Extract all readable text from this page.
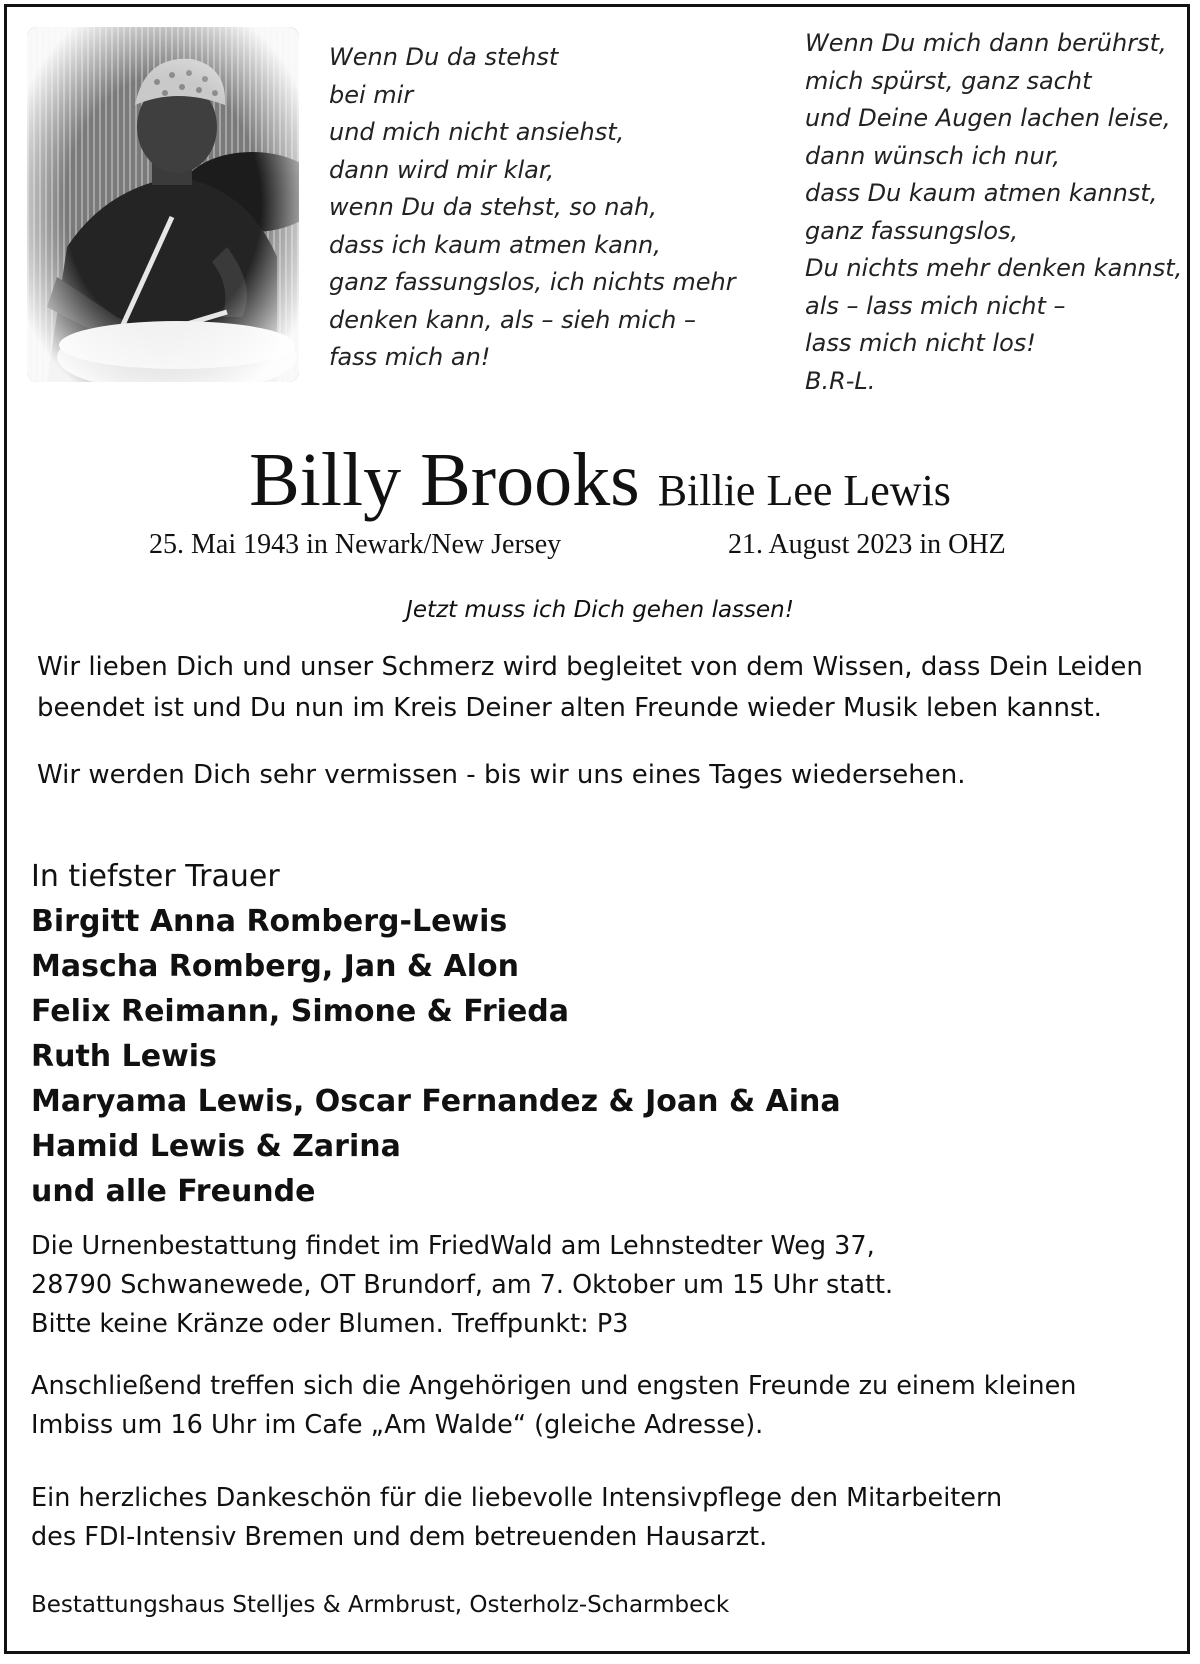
Wenn Du da stehst
bei mir
und mich nicht ansiehst,
dann wird mir klar,
wenn Du da stehst, so nah,
dass ich kaum atmen kann,
ganz fassungslos, ich nichts mehr
denken kann, als – sieh mich –
fass mich an!
Wenn Du mich dann berührst,
mich spürst, ganz sacht
und Deine Augen lachen leise,
dann wünsch ich nur,
dass Du kaum atmen kannst,
ganz fassungslos,
Du nichts mehr denken kannst,
als – lass mich nicht –
lass mich nicht los!
B.R-L.
Billy Brooks Billie Lee Lewis
25. Mai 1943 in Newark/New Jersey	21. August 2023 in OHZ
Jetzt muss ich Dich gehen lassen!
Wir lieben Dich und unser Schmerz wird begleitet von dem Wissen, dass Dein Leiden
beendet ist und Du nun im Kreis Deiner alten Freunde wieder Musik leben kannst.
Wir werden Dich sehr vermissen - bis wir uns eines Tages wiedersehen.
In tiefster Trauer
Birgitt Anna Romberg-Lewis
Mascha Romberg, Jan & Alon
Felix Reimann, Simone & Frieda
Ruth Lewis
Maryama Lewis, Oscar Fernandez & Joan & Aina
Hamid Lewis & Zarina
und alle Freunde
Die Urnenbestattung findet im FriedWald am Lehnstedter Weg 37,
28790 Schwanewede, OT Brundorf, am 7. Oktober um 15 Uhr statt.
Bitte keine Kränze oder Blumen. Treffpunkt: P3
Anschließend treffen sich die Angehörigen und engsten Freunde zu einem kleinen
Imbiss um 16 Uhr im Cafe „Am Walde“ (gleiche Adresse).
Ein herzliches Dankeschön für die liebevolle Intensivpflege den Mitarbeitern
des FDI-Intensiv Bremen und dem betreuenden Hausarzt.
Bestattungshaus Stelljes & Armbrust, Osterholz-Scharmbeck
